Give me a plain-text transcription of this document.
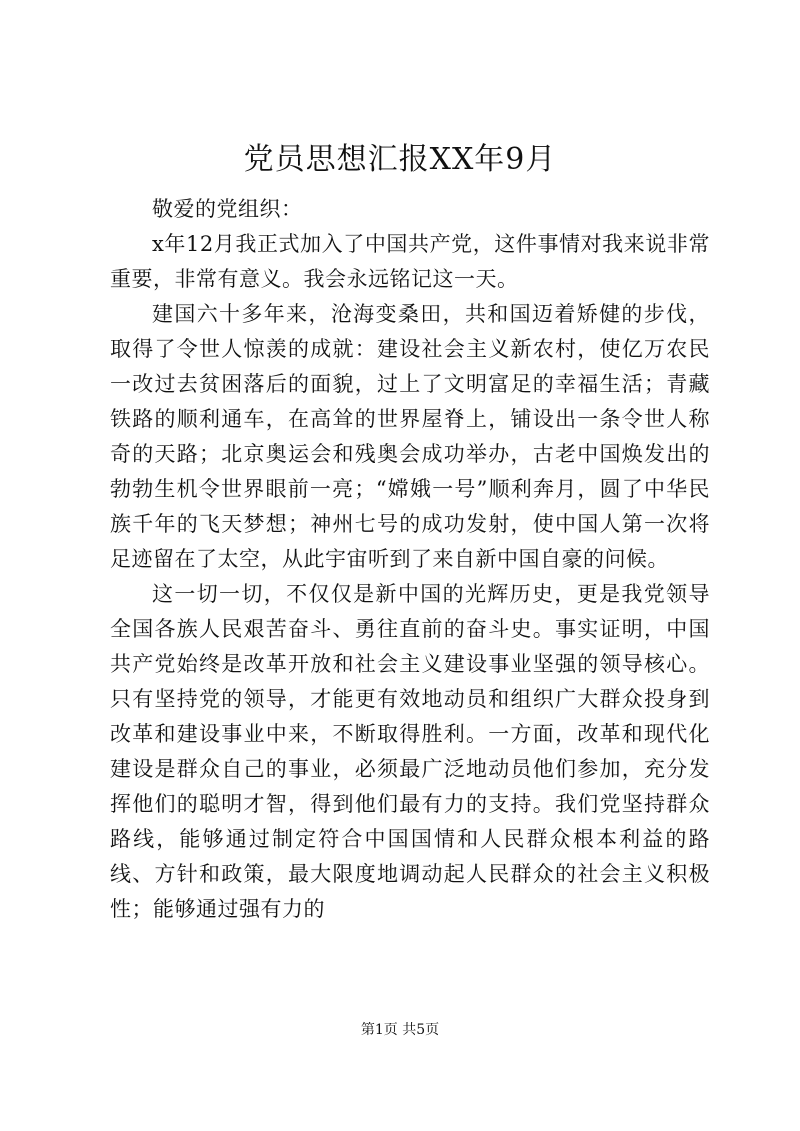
党员思想汇报XX年9月

敬爱的党组织：

x年12月我正式加入了中国共产党，这件事情对我来说非常重要，非常有意义。我会永远铭记这一天。

建国六十多年来，沧海变桑田，共和国迈着矫健的步伐，取得了令世人惊羡的成就：建设社会主义新农村，使亿万农民一改过去贫困落后的面貌，过上了文明富足的幸福生活；青藏铁路的顺利通车，在高耸的世界屋脊上，铺设出一条令世人称奇的天路；北京奥运会和残奥会成功举办，古老中国焕发出的勃勃生机令世界眼前一亮；“嫦娥一号”顺利奔月，圆了中华民族千年的飞天梦想；神州七号的成功发射，使中国人第一次将足迹留在了太空，从此宇宙听到了来自新中国自豪的问候。

这一切一切，不仅仅是新中国的光辉历史，更是我党领导全国各族人民艰苦奋斗、勇往直前的奋斗史。事实证明，中国共产党始终是改革开放和社会主义建设事业坚强的领导核心。只有坚持党的领导，才能更有效地动员和组织广大群众投身到改革和建设事业中来，不断取得胜利。一方面，改革和现代化建设是群众自己的事业，必须最广泛地动员他们参加，充分发挥他们的聪明才智，得到他们最有力的支持。我们党坚持群众路线，能够通过制定符合中国国情和人民群众根本利益的路线、方针和政策，最大限度地调动起人民群众的社会主义积极性；能够通过强有力的

第1页 共5页
